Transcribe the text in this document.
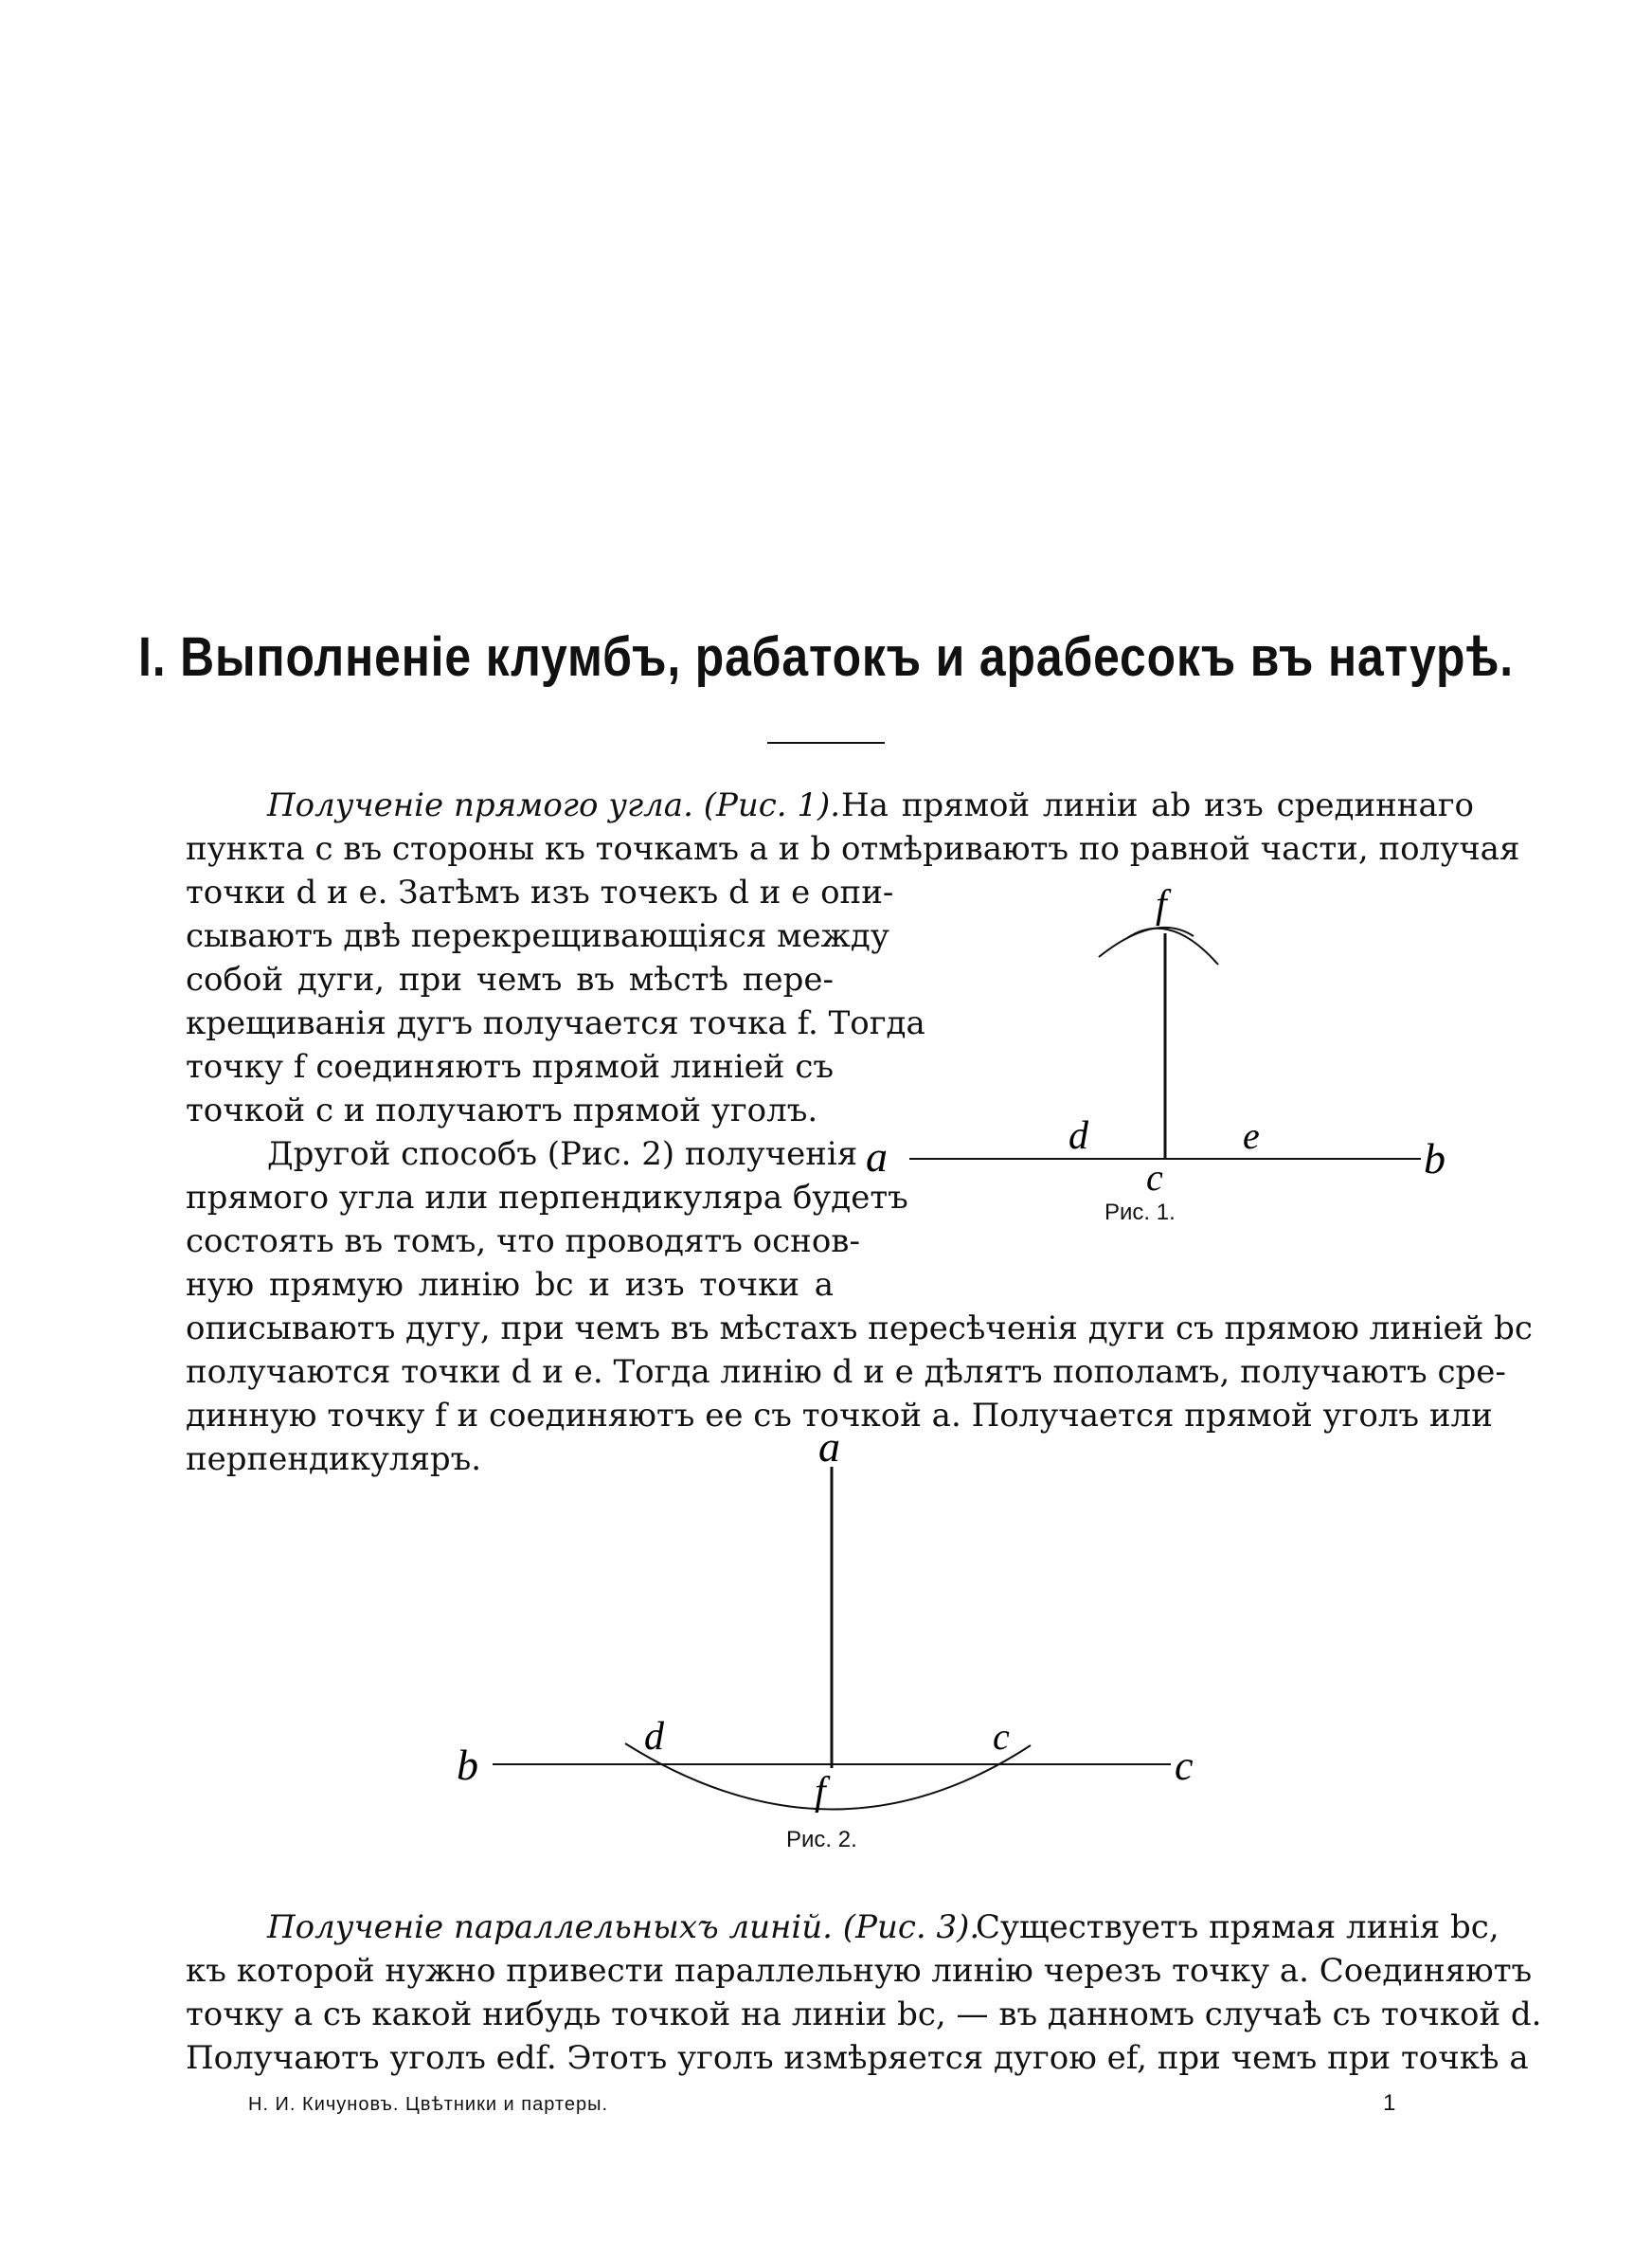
I. Выполненіе клумбъ, рабатокъ и арабесокъ въ натурѣ.
Полученіе прямого угла. (Рис. 1). На прямой линіи ab изъ срединнаго
пункта c въ стороны къ точкамъ a и b отмѣриваютъ по равной части, получая
точки d и e. Затѣмъ изъ точекъ d и e опи-
сываютъ двѣ перекрещивающіяся между
собой дуги, при чемъ въ мѣстѣ пере-
крещиванія дугъ получается точка f. Тогда
точку f соединяютъ прямой линіей съ
точкой c и получаютъ прямой уголъ.
Другой способъ (Рис. 2) полученія
прямого угла или перпендикуляра будетъ
состоять въ томъ, что проводятъ основ-
ную прямую линію bc и изъ точки a
описываютъ дугу, при чемъ въ мѣстахъ пересѣченія дуги съ прямою линіей bc
получаются точки d и e. Тогда линію d и e дѣлятъ пополамъ, получаютъ сре-
динную точку f и соединяютъ ее съ точкой a. Получается прямой уголъ или
перпендикуляръ.
a	b
c
d	e
f
Рис. 1.
a
b	c
d	c
f
Рис. 2.
Полученіе параллельныхъ линій. (Рис. 3).
Существуетъ прямая линія bc,
къ которой нужно привести параллельную линію черезъ точку a. Соединяютъ
точку a съ какой нибудь точкой на линіи bc, — въ данномъ случаѣ съ точкой d.
Получаютъ уголъ edf. Этотъ уголъ измѣряется дугою ef, при чемъ при точкѣ a
Н. И. Кичуновъ. Цвѣтники и партеры.	1
